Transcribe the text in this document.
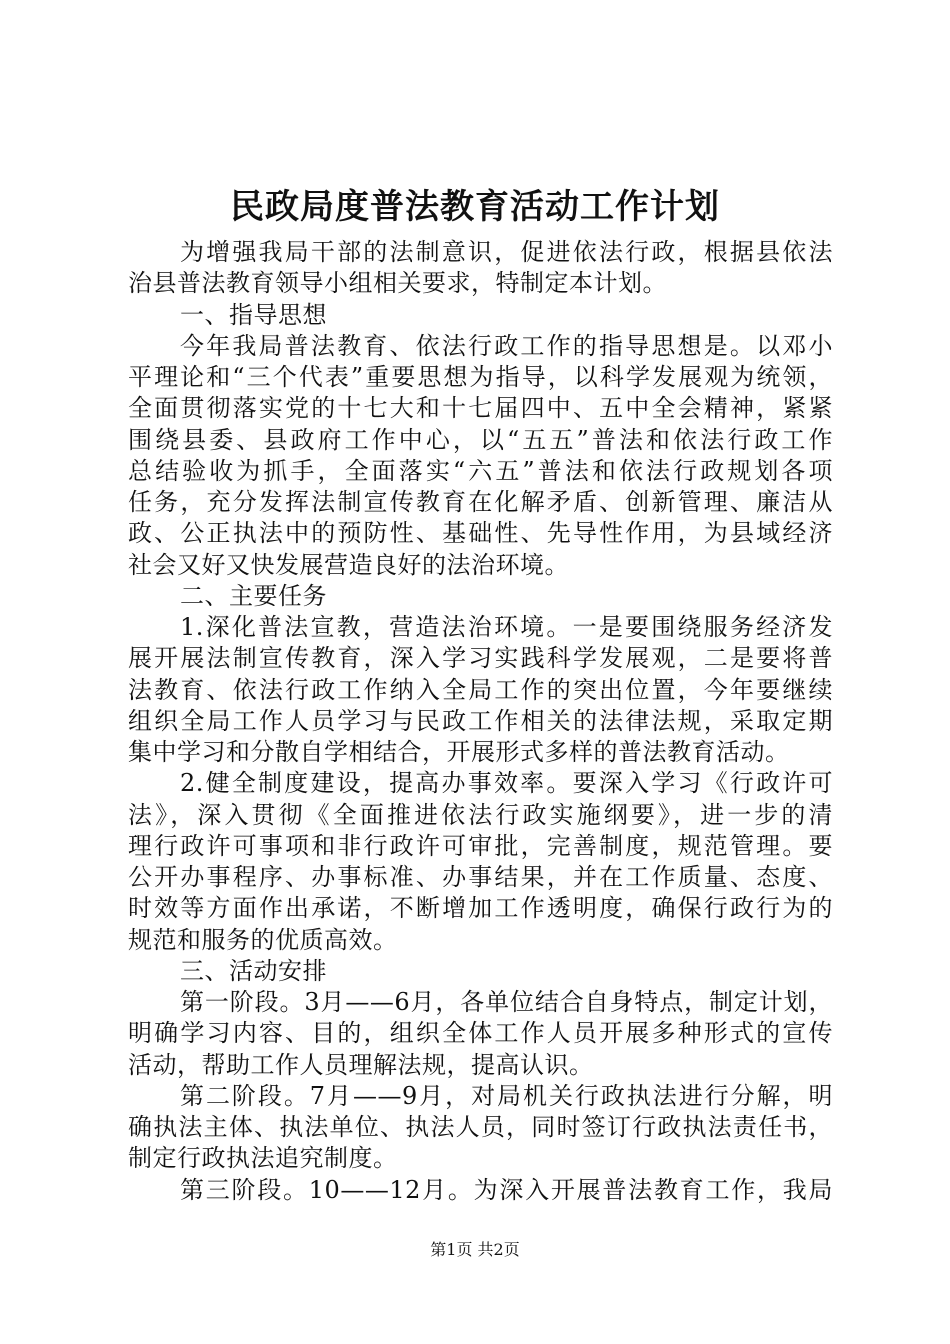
民政局度普法教育活动工作计划
为增强我局干部的法制意识，促进依法行政，根据县依法
治县普法教育领导小组相关要求，特制定本计划。
一、指导思想
今年我局普法教育、依法行政工作的指导思想是。以邓小
平理论和“三个代表”重要思想为指导，以科学发展观为统领，
全面贯彻落实党的十七大和十七届四中、五中全会精神，紧紧
围绕县委、县政府工作中心，以“五五”普法和依法行政工作
总结验收为抓手，全面落实“六五”普法和依法行政规划各项
任务，充分发挥法制宣传教育在化解矛盾、创新管理、廉洁从
政、公正执法中的预防性、基础性、先导性作用，为县域经济
社会又好又快发展营造良好的法治环境。
二、主要任务
1.深化普法宣教，营造法治环境。一是要围绕服务经济发
展开展法制宣传教育，深入学习实践科学发展观，二是要将普
法教育、依法行政工作纳入全局工作的突出位置，今年要继续
组织全局工作人员学习与民政工作相关的法律法规，采取定期
集中学习和分散自学相结合，开展形式多样的普法教育活动。
2.健全制度建设，提高办事效率。要深入学习《行政许可
法》，深入贯彻《全面推进依法行政实施纲要》，进一步的清
理行政许可事项和非行政许可审批，完善制度，规范管理。要
公开办事程序、办事标准、办事结果，并在工作质量、态度、
时效等方面作出承诺，不断增加工作透明度，确保行政行为的
规范和服务的优质高效。
三、活动安排
第一阶段。3月——6月，各单位结合自身特点，制定计划，
明确学习内容、目的，组织全体工作人员开展多种形式的宣传
活动，帮助工作人员理解法规，提高认识。
第二阶段。7月——9月，对局机关行政执法进行分解，明
确执法主体、执法单位、执法人员，同时签订行政执法责任书，
制定行政执法追究制度。
第三阶段。10——12月。为深入开展普法教育工作，我局
第1页 共2页
